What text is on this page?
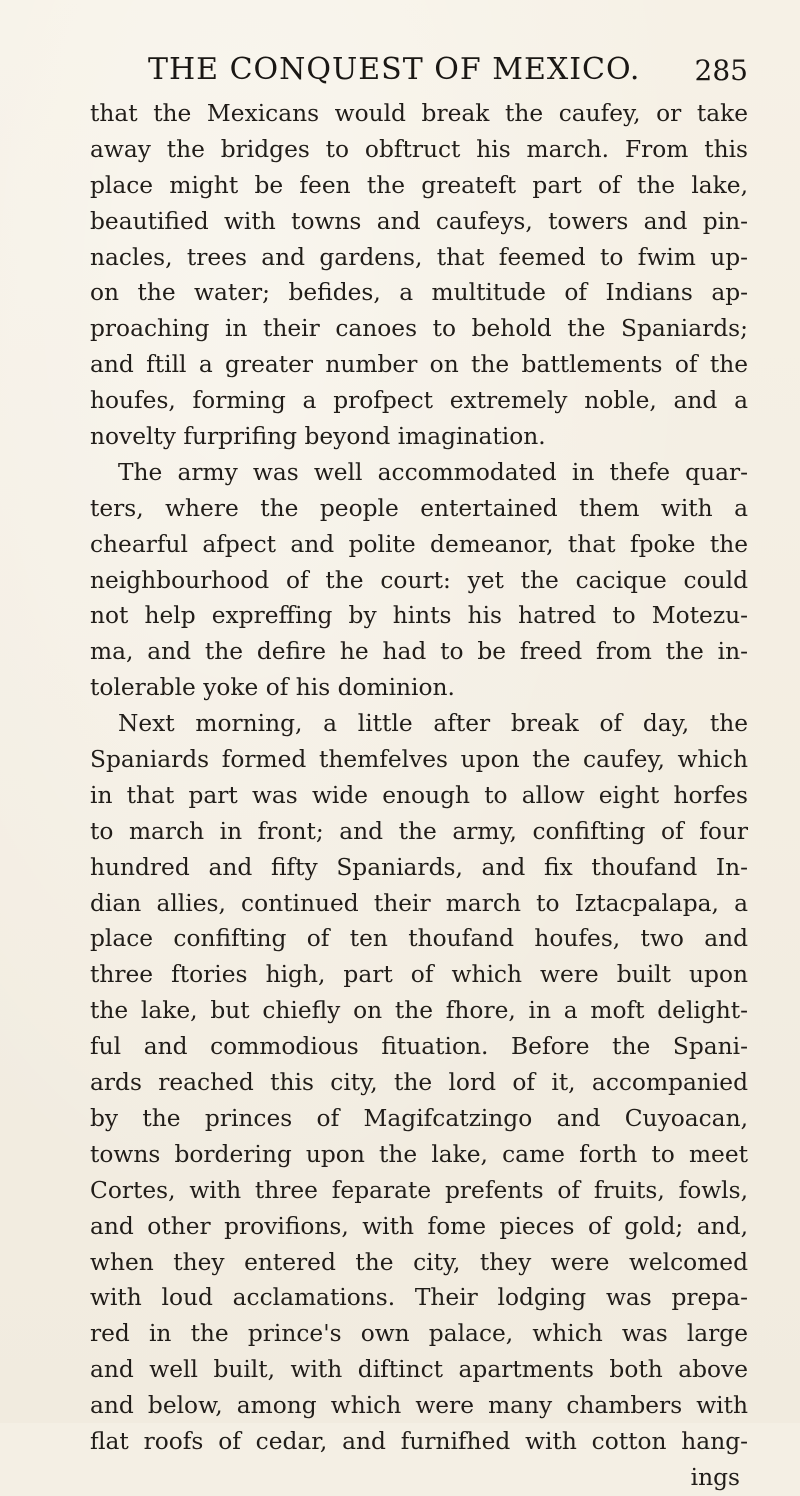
THE CONQUEST OF MEXICO. 285
that the Mexicans would break the caufey, or take
away the bridges to obftruct his march. From this
place might be feen the greateft part of the lake,
beautified with towns and caufeys, towers and pin-
nacles, trees and gardens, that feemed to fwim up-
on the water; befides, a multitude of Indians ap-
proaching in their canoes to behold the Spaniards;
and ftill a greater number on the battlements of the
houfes, forming a profpect extremely noble, and a
novelty furprifing beyond imagination.
The army was well accommodated in thefe quar-
ters, where the people entertained them with a
chearful afpect and polite demeanor, that fpoke the
neighbourhood of the court: yet the cacique could
not help expreffing by hints his hatred to Motezu-
ma, and the defire he had to be freed from the in-
tolerable yoke of his dominion.
Next morning, a little after break of day, the
Spaniards formed themfelves upon the caufey, which
in that part was wide enough to allow eight horfes
to march in front; and the army, confifting of four
hundred and fifty Spaniards, and fix thoufand In-
dian allies, continued their march to Iztacpalapa, a
place confifting of ten thoufand houfes, two and
three ftories high, part of which were built upon
the lake, but chiefly on the fhore, in a moft delight-
ful and commodious fituation. Before the Spani-
ards reached this city, the lord of it, accompanied
by the princes of Magifcatzingo and Cuyoacan,
towns bordering upon the lake, came forth to meet
Cortes, with three feparate prefents of fruits, fowls,
and other provifions, with fome pieces of gold; and,
when they entered the city, they were welcomed
with loud acclamations. Their lodging was prepa-
red in the prince's own palace, which was large
and well built, with diftinct apartments both above
and below, among which were many chambers with
flat roofs of cedar, and furnifhed with cotton hang-
ings
